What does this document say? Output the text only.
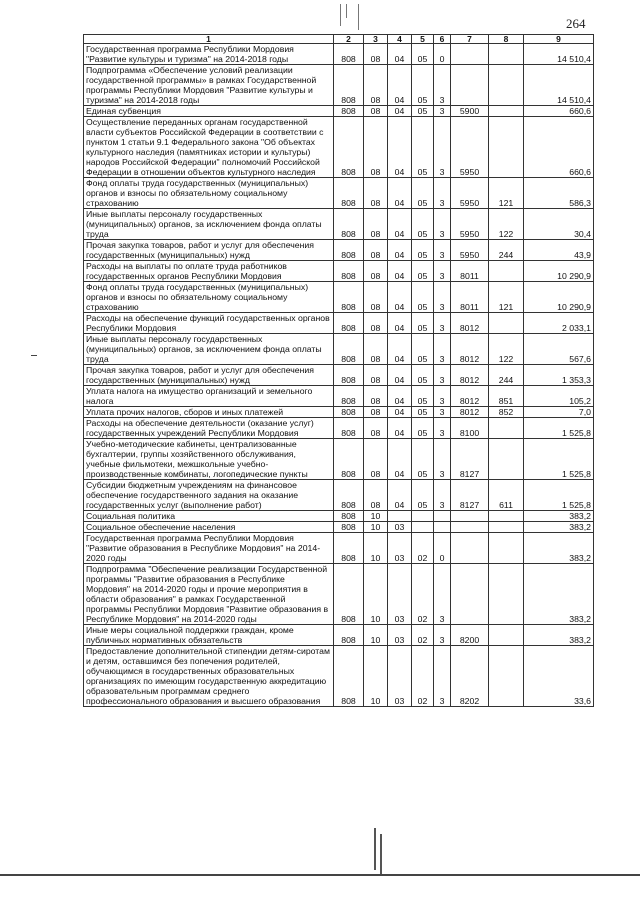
264
1	2	3	4	5	6	7	8	9
Государственная программа Республики Мордовия "Развитие культуры и туризма" на 2014-2018 годы	808	08	04	05	0			14 510,4
Подпрограмма «Обеспечение условий реализации государственной программы» в рамках Государственной программы Республики Мордовия "Развитие культуры и туризма" на 2014-2018 годы	808	08	04	05	3			14 510,4
Единая субвенция	808	08	04	05	3	5900		660,6
Осуществление переданных органам государственной власти субъектов Российской Федерации в соответствии с пунктом 1 статьи 9.1 Федерального закона "Об объектах культурного наследия (памятниках истории и культуры) народов Российской Федерации" полномочий Российской Федерации в отношении объектов культурного наследия	808	08	04	05	3	5950		660,6
Фонд оплаты труда государственных (муниципальных) органов и взносы по обязательному социальному страхованию	808	08	04	05	3	5950	121	586,3
Иные выплаты персоналу государственных (муниципальных) органов, за исключением фонда оплаты труда	808	08	04	05	3	5950	122	30,4
Прочая закупка товаров, работ и услуг для обеспечения государственных (муниципальных) нужд	808	08	04	05	3	5950	244	43,9
Расходы на выплаты по оплате труда работников государственных органов Республики Мордовия	808	08	04	05	3	8011		10 290,9
Фонд оплаты труда государственных (муниципальных) органов и взносы по обязательному социальному страхованию	808	08	04	05	3	8011	121	10 290,9
Расходы на обеспечение функций государственных органов Республики Мордовия	808	08	04	05	3	8012		2 033,1
Иные выплаты персоналу государственных (муниципальных) органов, за исключением фонда оплаты труда	808	08	04	05	3	8012	122	567,6
Прочая закупка товаров, работ и услуг для обеспечения государственных (муниципальных) нужд	808	08	04	05	3	8012	244	1 353,3
Уплата налога на имущество организаций и земельного налога	808	08	04	05	3	8012	851	105,2
Уплата прочих налогов, сборов и иных платежей	808	08	04	05	3	8012	852	7,0
Расходы на обеспечение деятельности (оказание услуг) государственных учреждений Республики Мордовия	808	08	04	05	3	8100		1 525,8
Учебно-методические кабинеты, централизованные бухгалтерии, группы хозяйственного обслуживания, учебные фильмотеки, межшкольные учебно-производственные комбинаты, логопедические пункты	808	08	04	05	3	8127		1 525,8
Субсидии бюджетным учреждениям на финансовое обеспечение государственного задания на оказание государственных услуг (выполнение работ)	808	08	04	05	3	8127	611	1 525,8
Социальная политика	808	10						383,2
Социальное обеспечение населения	808	10	03					383,2
Государственная программа Республики Мордовия "Развитие образования в Республике Мордовия" на 2014-2020 годы	808	10	03	02	0			383,2
Подпрограмма "Обеспечение реализации Государственной программы "Развитие образования в Республике Мордовия" на 2014-2020 годы и прочие мероприятия в области образования" в рамках Государственной программы Республики Мордовия "Развитие образования в Республике Мордовия" на 2014-2020 годы	808	10	03	02	3			383,2
Иные меры социальной поддержки граждан, кроме публичных нормативных обязательств	808	10	03	02	3	8200		383,2
Предоставление дополнительной стипендии детям-сиротам и детям, оставшимся без попечения родителей, обучающимся в государственных образовательных организациях по имеющим государственную аккредитацию образовательным программам среднего профессионального образования и высшего образования	808	10	03	02	3	8202		33,6
